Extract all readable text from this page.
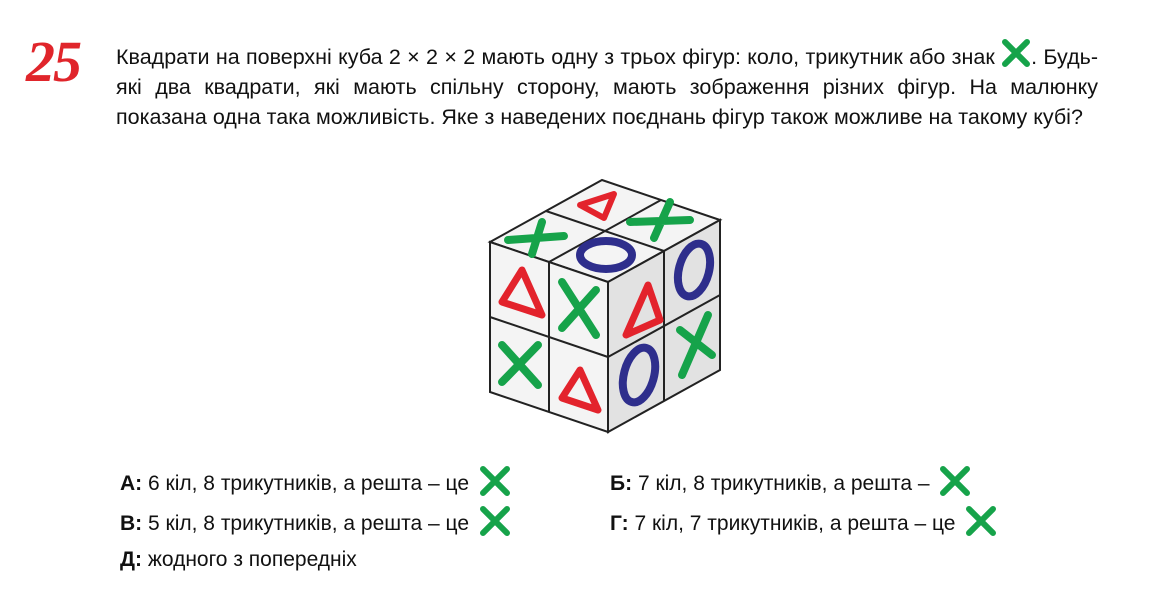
25 Квадрати на поверхні куба 2 × 2 × 2 мають одну з трьох фігур: коло, трикутник або знак . Будь-які два квадрати, які мають спільну сторону, мають зображення різних фігур. На малюнку показана одна така можливість. Яке з наведених поєднань фігур також можливе на такому кубі?
А: 6 кіл, 8 трикутників, а решта – це	Б: 7 кіл, 8 трикутників, а решта –
В: 5 кіл, 8 трикутників, а решта – це	Г: 7 кіл, 7 трикутників, а решта – це
Д: жодного з попередніх
